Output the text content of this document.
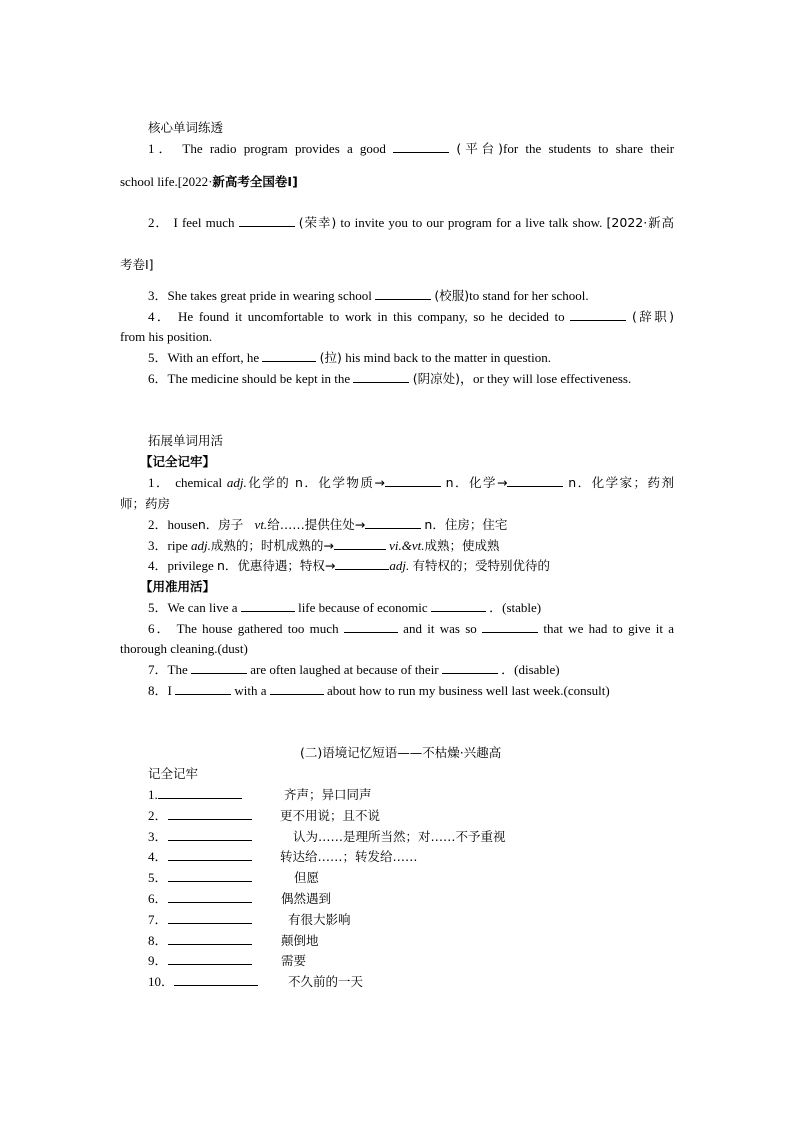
核心单词练透
1． The radio program provides a good	(平台)for the students to share their
school life.[2022·新高考全国卷Ⅰ]
2． I feel much	(荣幸) to invite you to our program for a live talk show. [2022·新高
考卷Ⅰ]
3．She takes great pride in wearing school	(校服)to stand for her school.
4． He found it uncomfortable to work in this company, so he decided to	(辞职)
from his position.
5．With an effort, he	(拉) his mind back to the matter in question.
6．The medicine should be kept in the	(阴凉处)，or they will lose effectiveness.
拓展单词用活
【记全记牢】
1． chemical adj.化学的 n．化学物质→	n．化学→	n．化学家；药剂
师；药房
2．housen．房子 vt.给……提供住处→	n．住房；住宅
3．ripe adj.成熟的；时机成熟的→	vi.&vt.成熟；使成熟
4．privilege n．优惠待遇；特权→	adj. 有特权的；受特别优待的
【用准用活】
5．We can live a	life because of economic	．(stable)
6． The house gathered too much	and it was so	that we had to give it a
thorough cleaning.(dust)
7．The	are often laughed at because of their	．(disable)
8．I	with a	about how to run my business well last week.(consult)
(二)语境记忆短语——不枯燥·兴趣高
记全记牢
1.	齐声；异口同声
2．	更不用说；且不说
3．	认为……是理所当然；对……不予重视
4．	转达给……；转发给……
5．	但愿
6．	偶然遇到
7．	有很大影响
8．	颠倒地
9．	需要
10．	不久前的一天
